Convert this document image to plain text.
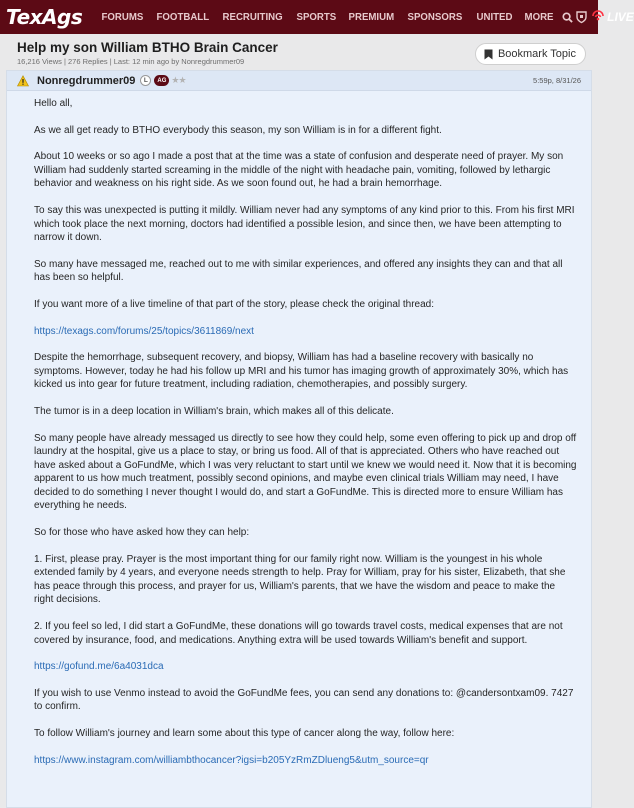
TexAgs	FORUMS	FOOTBALL	RECRUITING	SPORTS	PREMIUM	SPONSORS	UNITED	MORE	LIVE
Help my son William BTHO Brain Cancer
16,216 Views | 276 Replies | Last: 12 min ago by Nonregdrummer09
Bookmark Topic
Nonregdrummer09	L	AG ★★	5:59p, 8/31/26

Hello all,

As we all get ready to BTHO everybody this season, my son William is in for a different fight.

About 10 weeks or so ago I made a post that at the time was a state of confusion and desperate need of prayer. My son William had suddenly started screaming in the middle of the night with headache pain, vomiting, followed by lethargic behavior and weakness on his right side. As we soon found out, he had a brain hemorrhage.

To say this was unexpected is putting it mildly. William never had any symptoms of any kind prior to this. From his first MRI which took place the next morning, doctors had identified a possible lesion, and since then, we have been attempting to narrow it down.

So many have messaged me, reached out to me with similar experiences, and offered any insights they can and that all has been so helpful.

If you want more of a live timeline of that part of the story, please check the original thread:

https://texags.com/forums/25/topics/3611869/next

Despite the hemorrhage, subsequent recovery, and biopsy, William has had a baseline recovery with basically no symptoms. However, today he had his follow up MRI and his tumor has imaging growth of approximately 30%, which has kicked us into gear for future treatment, including radiation, chemotherapies, and possibly surgery.

The tumor is in a deep location in William's brain, which makes all of this delicate.

So many people have already messaged us directly to see how they could help, some even offering to pick up and drop off laundry at the hospital, give us a place to stay, or bring us food. All of that is appreciated. Others who have reached out have asked about a GoFundMe, which I was very reluctant to start until we knew we would need it. Now that it is becoming apparent to us how much treatment, possibly second opinions, and maybe even clinical trials William may need, I have decided to do something I never thought I would do, and start a GoFundMe. This is directed more to ensure William has everything he needs.

So for those who have asked how they can help:

1. First, please pray. Prayer is the most important thing for our family right now. William is the youngest in his whole extended family by 4 years, and everyone needs strength to help. Pray for William, pray for his sister, Elizabeth, that she has peace through this process, and prayer for us, William's parents, that we have the wisdom and peace to make the right decisions.

2. If you feel so led, I did start a GoFundMe, these donations will go towards travel costs, medical expenses that are not covered by insurance, food, and medications. Anything extra will be used towards William's benefit and support.

https://gofund.me/6a4031dca

If you wish to use Venmo instead to avoid the GoFundMe fees, you can send any donations to: @candersontxam09. 7427 to confirm.

To follow William's journey and learn some about this type of cancer along the way, follow here:

https://www.instagram.com/williambthocancer?igsi=b205YzRmZDlueng5&utm_source=qr
